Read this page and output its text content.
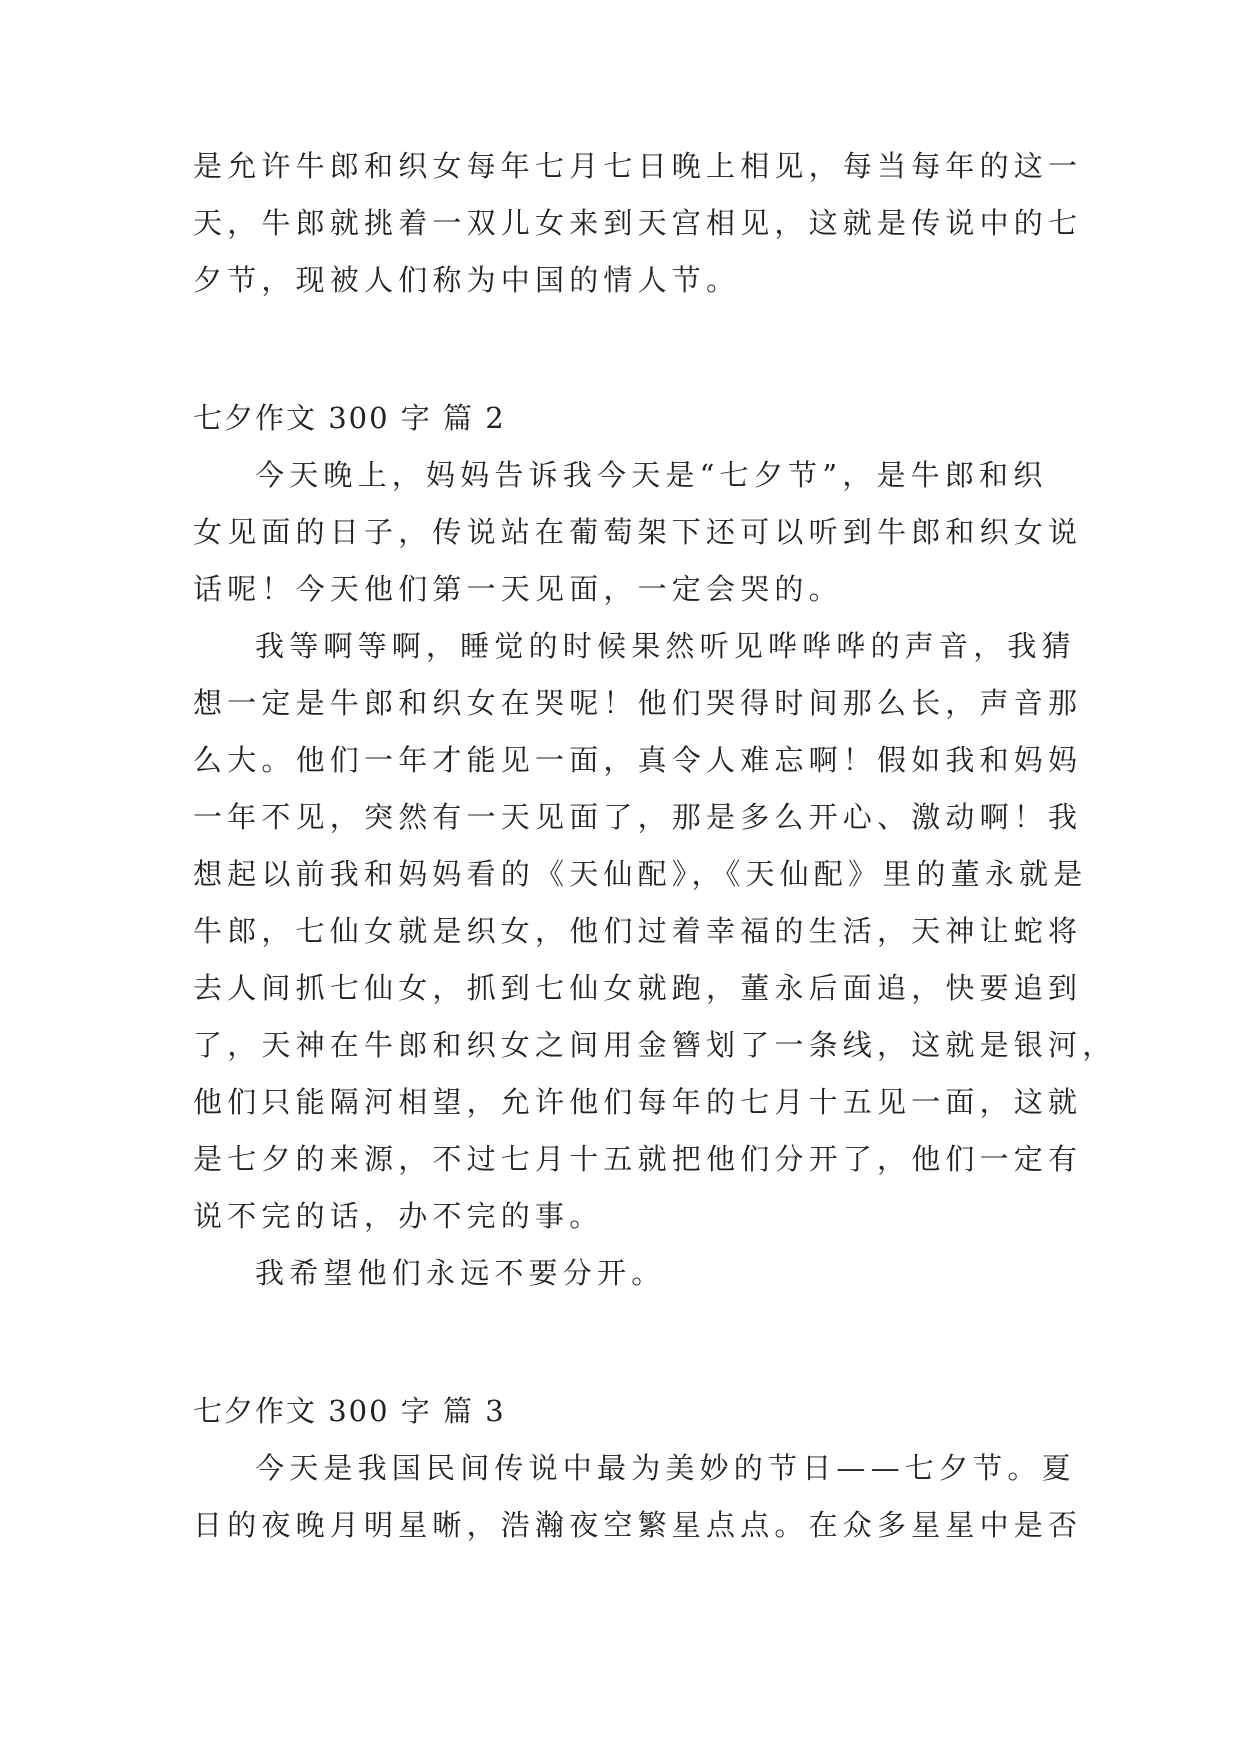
是允许牛郎和织女每年七月七日晚上相见，每当每年的这一
天，牛郎就挑着一双儿女来到天宫相见，这就是传说中的七
夕节，现被人们称为中国的情人节。
七夕作文 300 字 篇 2
今天晚上，妈妈告诉我今天是“七夕节”，是牛郎和织
女见面的日子，传说站在葡萄架下还可以听到牛郎和织女说
话呢！今天他们第一天见面，一定会哭的。
我等啊等啊，睡觉的时候果然听见哗哗哗的声音，我猜
想一定是牛郎和织女在哭呢！他们哭得时间那么长，声音那
么大。他们一年才能见一面，真令人难忘啊！假如我和妈妈
一年不见，突然有一天见面了，那是多么开心、激动啊！我
想起以前我和妈妈看的《天仙配》，《天仙配》里的董永就是
牛郎，七仙女就是织女，他们过着幸福的生活，天神让蛇将
去人间抓七仙女，抓到七仙女就跑，董永后面追，快要追到
了，天神在牛郎和织女之间用金簪划了一条线，这就是银河，
他们只能隔河相望，允许他们每年的七月十五见一面，这就
是七夕的来源，不过七月十五就把他们分开了，他们一定有
说不完的话，办不完的事。
我希望他们永远不要分开。
七夕作文 300 字 篇 3
今天是我国民间传说中最为美妙的节日——七夕节。夏
日的夜晚月明星晰，浩瀚夜空繁星点点。在众多星星中是否
